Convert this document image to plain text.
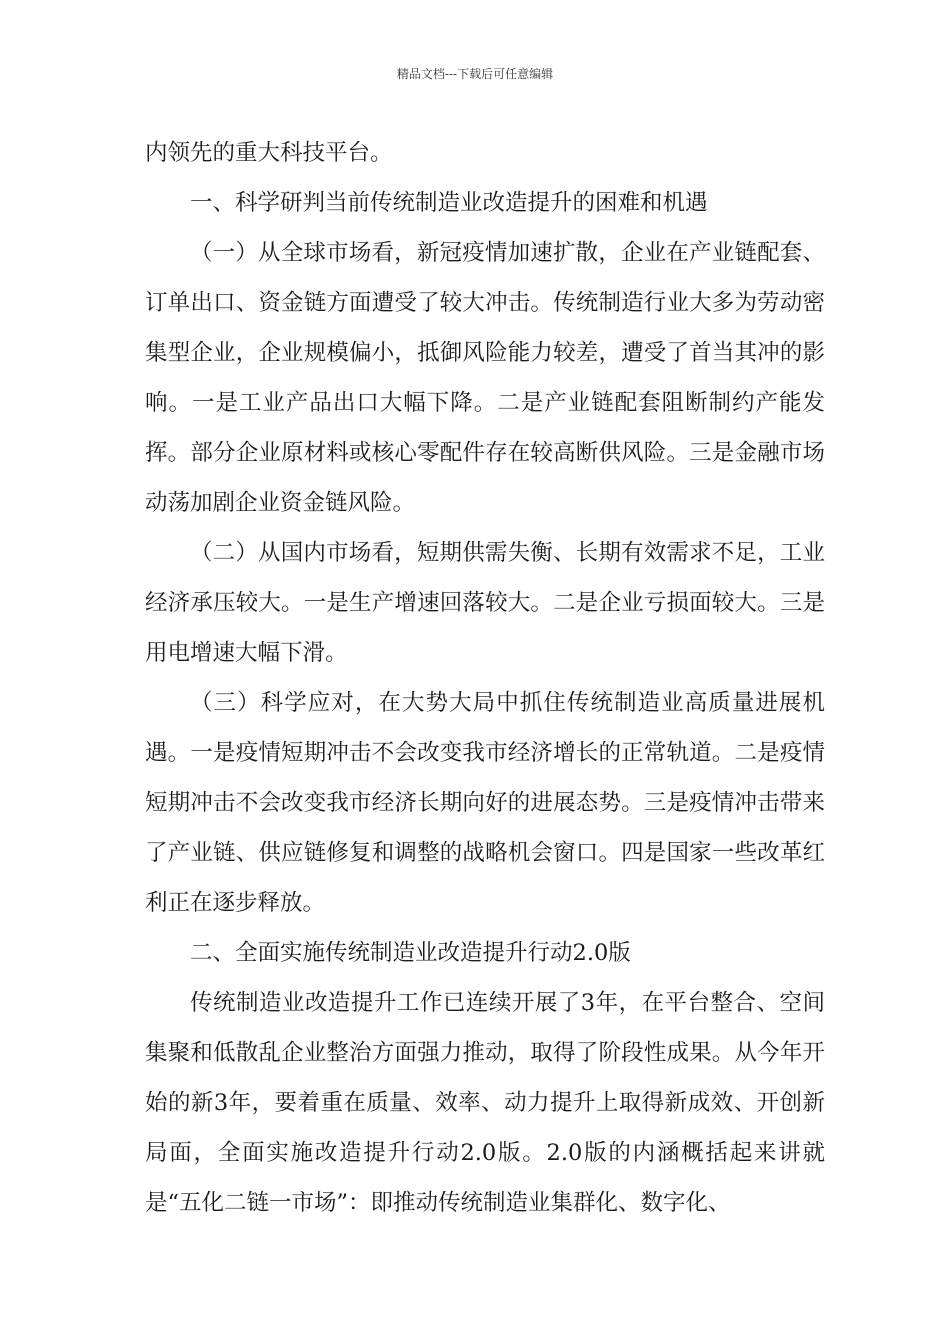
精品文档---下载后可任意编辑

内领先的重大科技平台。

一、科学研判当前传统制造业改造提升的困难和机遇

（一）从全球市场看，新冠疫情加速扩散，企业在产业链配套、订单出口、资金链方面遭受了较大冲击。传统制造行业大多为劳动密集型企业，企业规模偏小，抵御风险能力较差，遭受了首当其冲的影响。一是工业产品出口大幅下降。二是产业链配套阻断制约产能发挥。部分企业原材料或核心零配件存在较高断供风险。三是金融市场动荡加剧企业资金链风险。

（二）从国内市场看，短期供需失衡、长期有效需求不足，工业经济承压较大。一是生产增速回落较大。二是企业亏损面较大。三是用电增速大幅下滑。

（三）科学应对，在大势大局中抓住传统制造业高质量进展机遇。一是疫情短期冲击不会改变我市经济增长的正常轨道。二是疫情短期冲击不会改变我市经济长期向好的进展态势。三是疫情冲击带来了产业链、供应链修复和调整的战略机会窗口。四是国家一些改革红利正在逐步释放。

二、全面实施传统制造业改造提升行动2.0版

传统制造业改造提升工作已连续开展了3年，在平台整合、空间集聚和低散乱企业整治方面强力推动，取得了阶段性成果。从今年开始的新3年，要着重在质量、效率、动力提升上取得新成效、开创新局面，全面实施改造提升行动2.0版。2.0版的内涵概括起来讲就是“五化二链一市场”：即推动传统制造业集群化、数字化、
